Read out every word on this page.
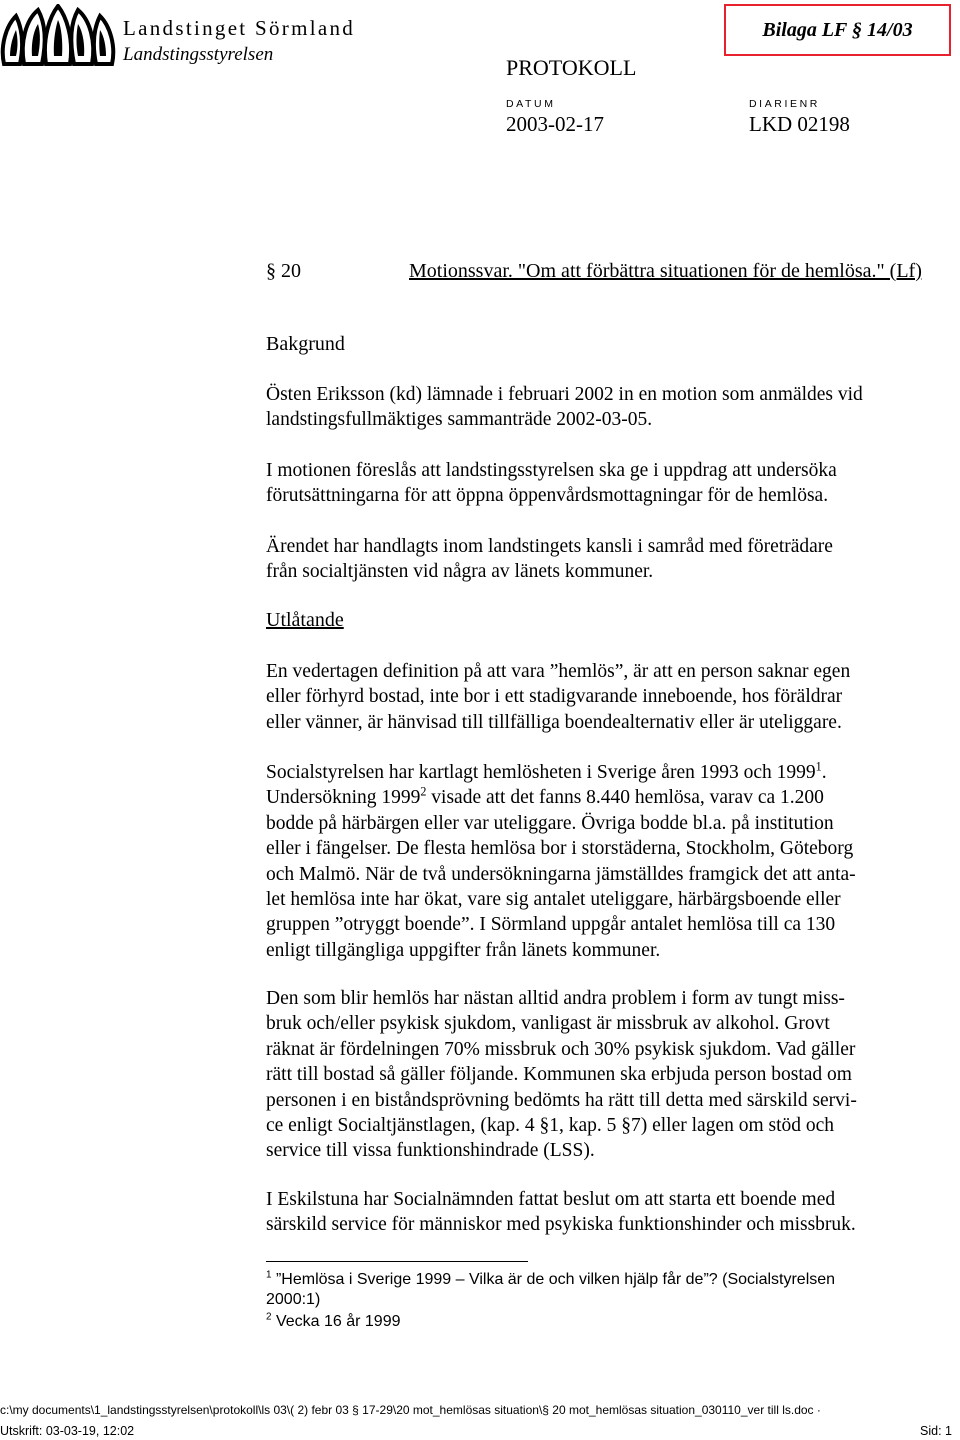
Landstinget Sörmland
Landstingsstyrelsen
PROTOKOLL
Bilaga LF § 14/03
DATUM
2003-02-17
DIARIENR
LKD 02198
§ 20	Motionssvar. "Om att förbättra situationen för de hemlösa." (Lf)
Bakgrund
Östen Eriksson (kd) lämnade i februari 2002 in en motion som anmäldes vid
landstingsfullmäktiges sammanträde 2002-03-05.
I motionen föreslås att landstingsstyrelsen ska ge i uppdrag att undersöka
förutsättningarna för att öppna öppenvårdsmottagningar för de hemlösa.
Ärendet har handlagts inom landstingets kansli i samråd med företrädare
från socialtjänsten vid några av länets kommuner.
Utlåtande
En vedertagen definition på att vara ”hemlös”, är att en person saknar egen
eller förhyrd bostad, inte bor i ett stadigvarande inneboende, hos föräldrar
eller vänner, är hänvisad till tillfälliga boendealternativ eller är uteliggare.
Socialstyrelsen har kartlagt hemlösheten i Sverige åren 1993 och 1999$^1$.
Undersökning 1999$^2$ visade att det fanns 8.440 hemlösa, varav ca 1.200
bodde på härbärgen eller var uteliggare. Övriga bodde bl.a. på institution
eller i fängelser. De flesta hemlösa bor i storstäderna, Stockholm, Göteborg
och Malmö. När de två undersökningarna jämställdes framgick det att anta-
let hemlösa inte har ökat, vare sig antalet uteliggare, härbärgsboende eller
gruppen ”otryggt boende”. I Sörmland uppgår antalet hemlösa till ca 130
enligt tillgängliga uppgifter från länets kommuner.
Den som blir hemlös har nästan alltid andra problem i form av tungt miss-
bruk och/eller psykisk sjukdom, vanligast är missbruk av alkohol. Grovt
räknat är fördelningen 70% missbruk och 30% psykisk sjukdom. Vad gäller
rätt till bostad så gäller följande. Kommunen ska erbjuda person bostad om
personen i en biståndsprövning bedömts ha rätt till detta med särskild servi-
ce enligt Socialtjänstlagen, (kap. 4 §1, kap. 5 §7) eller lagen om stöd och
service till vissa funktionshindrade (LSS).
I Eskilstuna har Socialnämnden fattat beslut om att starta ett boende med
särskild service för människor med psykiska funktionshinder och missbruk.
$^1$ ”Hemlösa i Sverige 1999 – Vilka är de och vilken hjälp får de”? (Socialstyrelsen
2000:1)
$^2$ Vecka 16 år 1999
c:\my documents\1_landstingsstyrelsen\protokoll\ls 03\( 2) febr 03 § 17-29\20 mot_hemlösas situation\§ 20 mot_hemlösas situation_030110_ver till ls.doc ·
Utskrift: 03-03-19, 12:02	Sid: 1
